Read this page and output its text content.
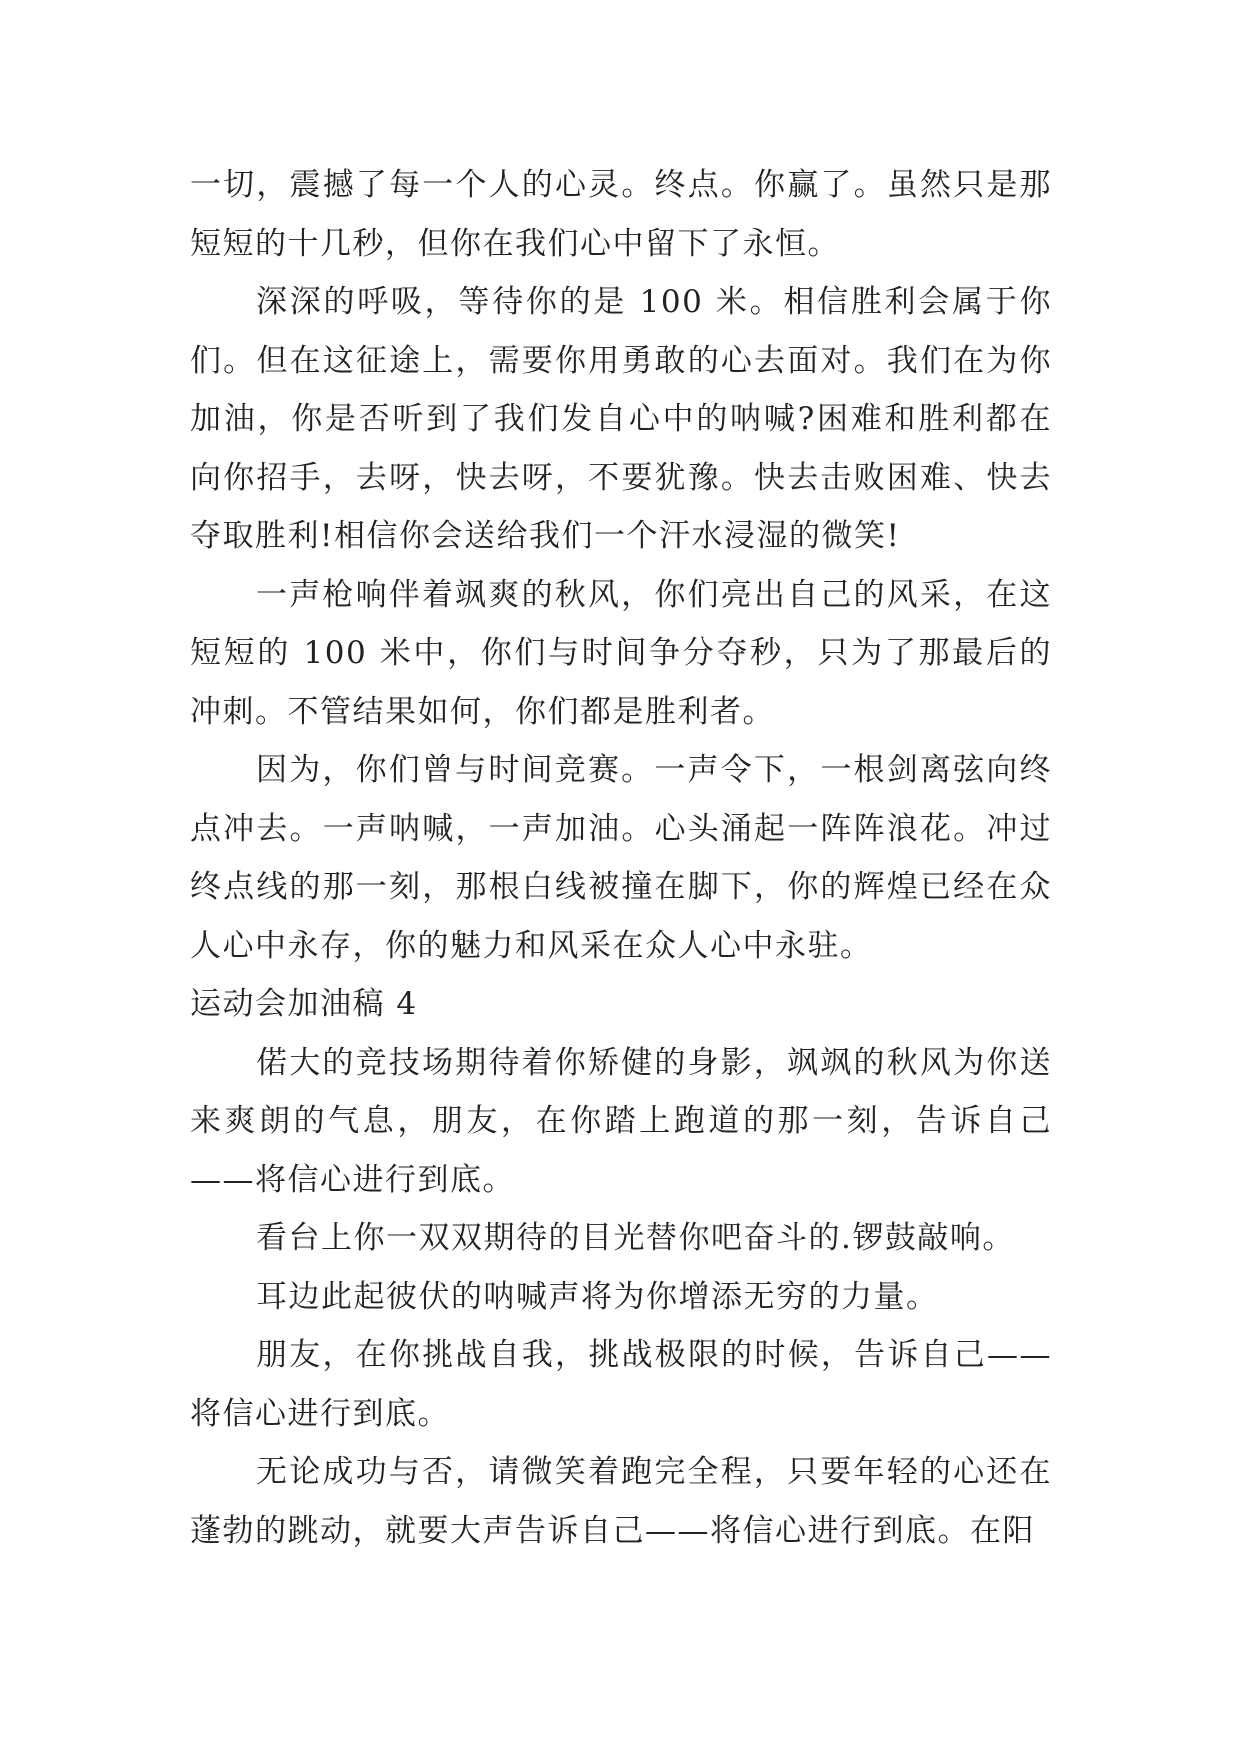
一切，震撼了每一个人的心灵。终点。你赢了。虽然只是那短短的十几秒，但你在我们心中留下了永恒。

深深的呼吸，等待你的是 100 米。相信胜利会属于你们。但在这征途上，需要你用勇敢的心去面对。我们在为你加油，你是否听到了我们发自心中的呐喊?困难和胜利都在向你招手，去呀，快去呀，不要犹豫。快去击败困难、快去夺取胜利!相信你会送给我们一个汗水浸湿的微笑!

一声枪响伴着飒爽的秋风，你们亮出自己的风采，在这短短的 100 米中，你们与时间争分夺秒，只为了那最后的冲刺。不管结果如何，你们都是胜利者。

因为，你们曾与时间竞赛。一声令下，一根剑离弦向终点冲去。一声呐喊，一声加油。心头涌起一阵阵浪花。冲过终点线的那一刻，那根白线被撞在脚下，你的辉煌已经在众人心中永存，你的魅力和风采在众人心中永驻。

运动会加油稿 4

偌大的竞技场期待着你矫健的身影，飒飒的秋风为你送来爽朗的气息，朋友，在你踏上跑道的那一刻，告诉自己——将信心进行到底。

看台上你一双双期待的目光替你吧奋斗的.锣鼓敲响。

耳边此起彼伏的呐喊声将为你增添无穷的力量。

朋友，在你挑战自我，挑战极限的时候，告诉自己——将信心进行到底。

无论成功与否，请微笑着跑完全程，只要年轻的心还在蓬勃的跳动，就要大声告诉自己——将信心进行到底。在阳
